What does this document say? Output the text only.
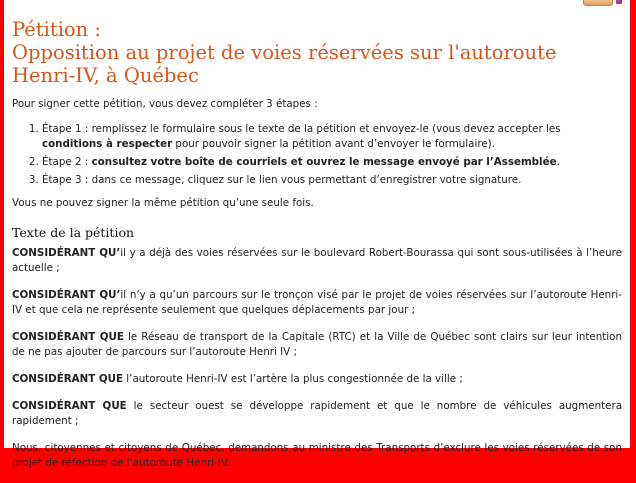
Pétition :
Opposition au projet de voies réservées sur l'autoroute Henri-IV, à Québec

Pour signer cette pétition, vous devez compléter 3 étapes :

1. Étape 1 : remplissez le formulaire sous le texte de la pétition et envoyez-le (vous devez accepter les conditions à respecter pour pouvoir signer la pétition avant d’envoyer le formulaire).
2. Étape 2 : consultez votre boîte de courriels et ouvrez le message envoyé par l’Assemblée.
3. Étape 3 : dans ce message, cliquez sur le lien vous permettant d’enregistrer votre signature.

Vous ne pouvez signer la même pétition qu’une seule fois.

Texte de la pétition

CONSIDÉRANT QU’il y a déjà des voies réservées sur le boulevard Robert-Bourassa qui sont sous-utilisées à l’heure actuelle ;

CONSIDÉRANT QU’il n’y a qu’un parcours sur le tronçon visé par le projet de voies réservées sur l’autoroute Henri-IV et que cela ne représente seulement que quelques déplacements par jour ;

CONSIDÉRANT QUE le Réseau de transport de la Capitale (RTC) et la Ville de Québec sont clairs sur leur intention de ne pas ajouter de parcours sur l’autoroute Henri IV ;

CONSIDÉRANT QUE l’autoroute Henri-IV est l’artère la plus congestionnée de la ville ;

CONSIDÉRANT QUE le secteur ouest se développe rapidement et que le nombre de véhicules augmentera rapidement ;

Nous, citoyennes et citoyens de Québec, demandons au ministre des Transports d’exclure les voies réservées de son projet de réfection de l’autoroute Henri-IV.
